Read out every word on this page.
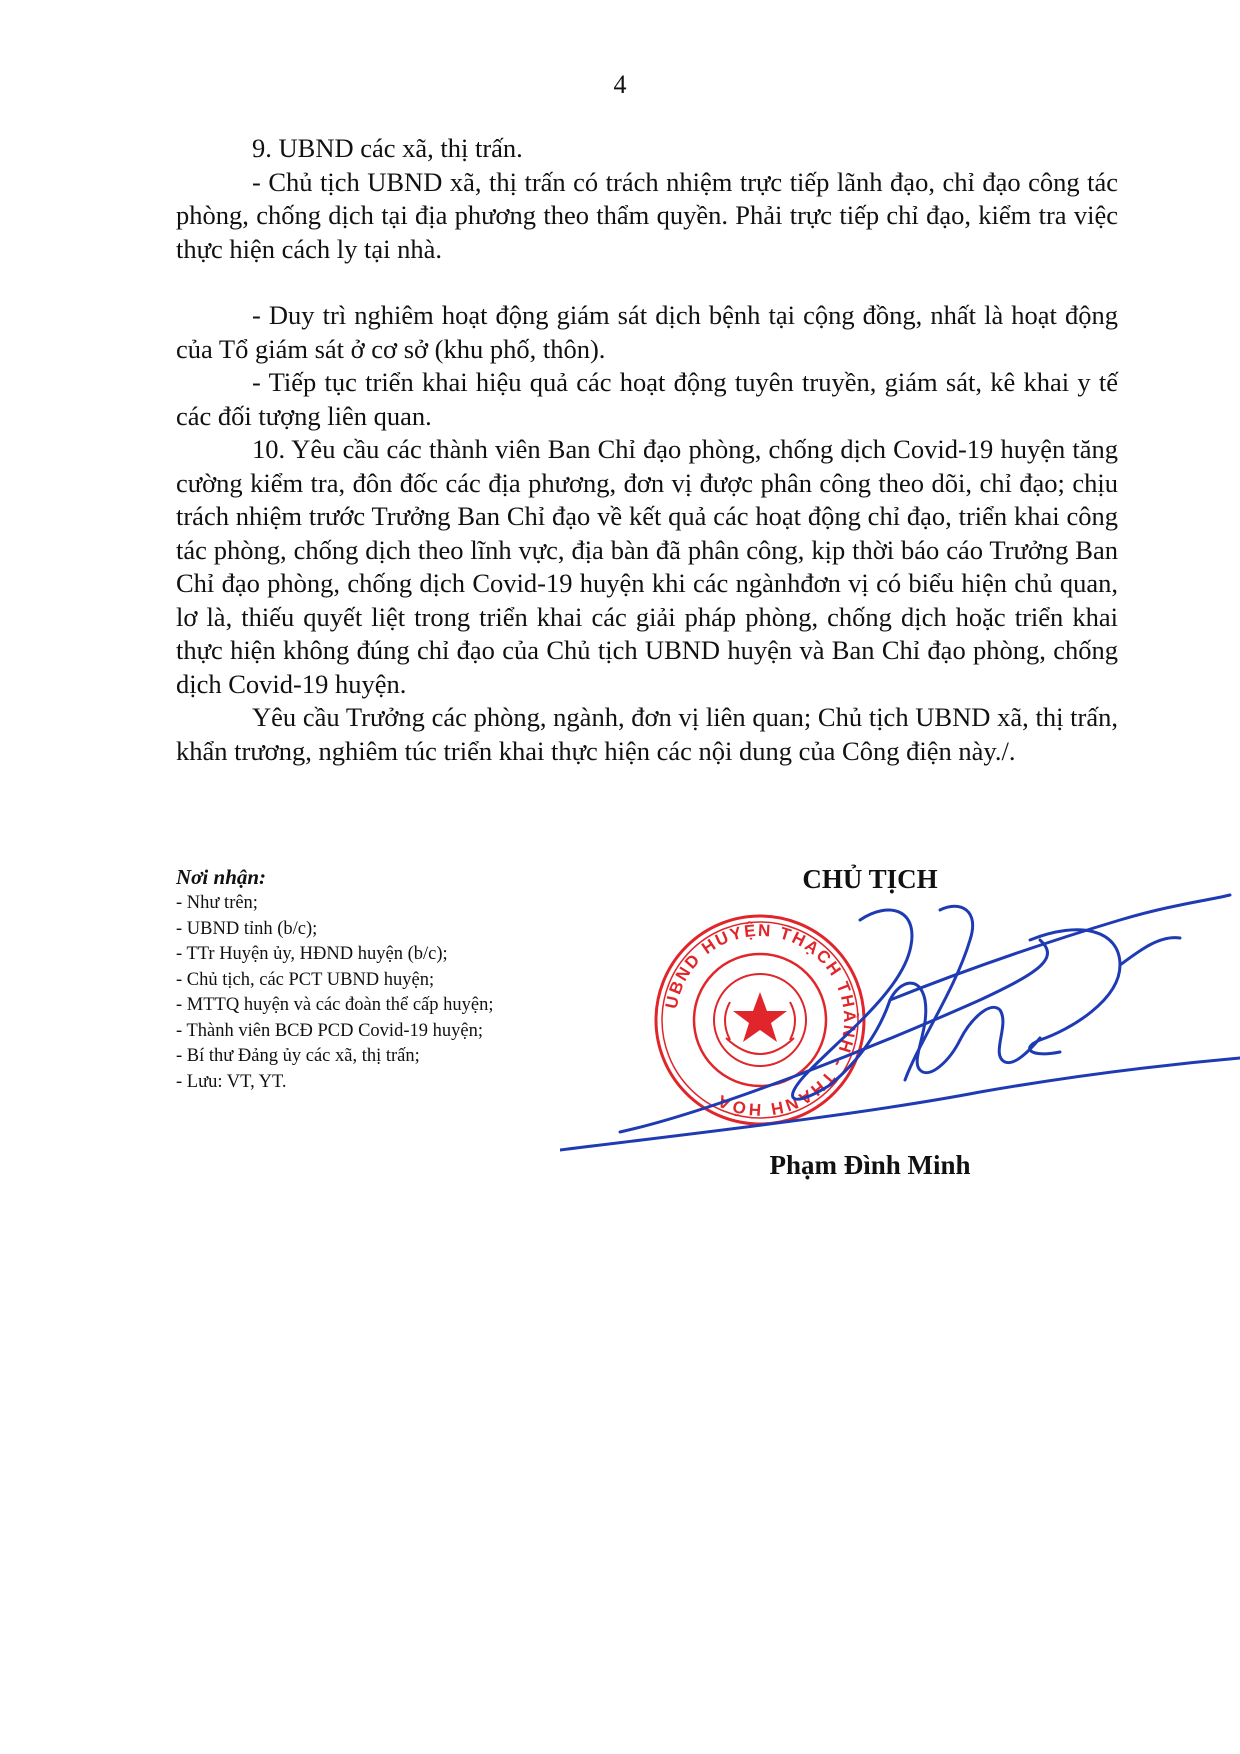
4

9. UBND các xã, thị trấn.

- Chủ tịch UBND xã, thị trấn có trách nhiệm trực tiếp lãnh đạo, chỉ đạo công tác phòng, chống dịch tại địa phương theo thẩm quyền. Phải trực tiếp chỉ đạo, kiểm tra việc thực hiện cách ly tại nhà.

- Duy trì nghiêm hoạt động giám sát dịch bệnh tại cộng đồng, nhất là hoạt động của Tổ giám sát ở cơ sở (khu phố, thôn).

- Tiếp tục triển khai hiệu quả các hoạt động tuyên truyền, giám sát, kê khai y tế các đối tượng liên quan.

10. Yêu cầu các thành viên Ban Chỉ đạo phòng, chống dịch Covid-19 huyện tăng cường kiểm tra, đôn đốc các địa phương, đơn vị được phân công theo dõi, chỉ đạo; chịu trách nhiệm trước Trưởng Ban Chỉ đạo về kết quả các hoạt động chỉ đạo, triển khai công tác phòng, chống dịch theo lĩnh vực, địa bàn đã phân công, kịp thời báo cáo Trưởng Ban Chỉ đạo phòng, chống dịch Covid-19 huyện khi các ngànhđơn vị có biểu hiện chủ quan, lơ là, thiếu quyết liệt trong triển khai các giải pháp phòng, chống dịch hoặc triển khai thực hiện không đúng chỉ đạo của Chủ tịch UBND huyện và Ban Chỉ đạo phòng, chống dịch Covid-19 huyện.

Yêu cầu Trưởng các phòng, ngành, đơn vị liên quan; Chủ tịch UBND xã, thị trấn, khẩn trương, nghiêm túc triển khai thực hiện các nội dung của Công điện này./.

Nơi nhận:
- Như trên;
- UBND tỉnh (b/c);
- TTr Huyện ủy, HĐND huyện (b/c);
- Chủ tịch, các PCT UBND huyện;
- MTTQ huyện và các đoàn thể cấp huyện;
- Thành viên BCĐ PCD Covid-19 huyện;
- Bí thư Đảng ủy các xã, thị trấn;
- Lưu: VT, YT.
CHỦ TỊCH
UBND HUYỆN THẠCH THÀNH - THANH HÓA
Phạm Đình Minh
